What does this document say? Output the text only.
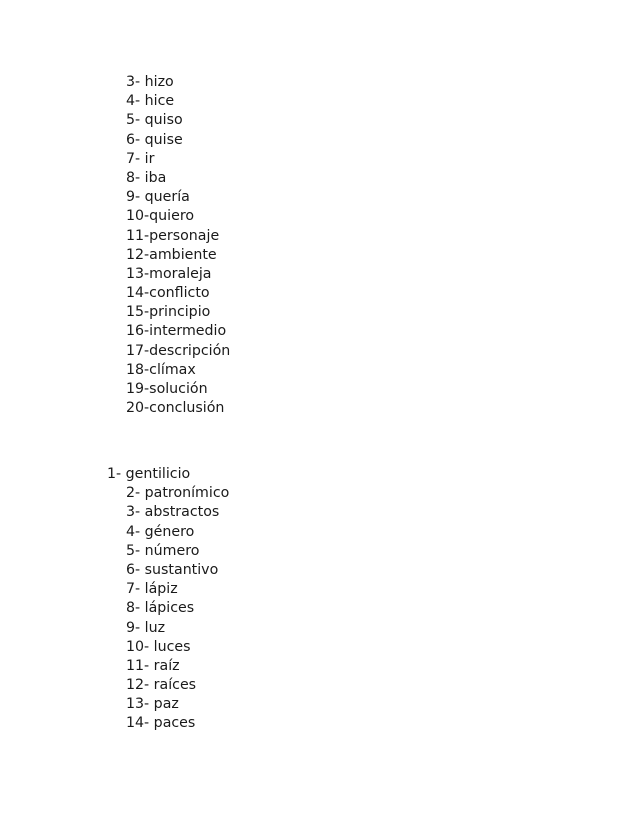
3- hizo
4- hice
5- quiso
6- quise
7- ir
8- iba
9- quería
10-quiero
11-personaje
12-ambiente
13-moraleja
14-conflicto
15-principio
16-intermedio
17-descripción
18-clímax
19-solución
20-conclusión
1- gentilicio
2- patronímico
3- abstractos
4- género
5- número
6- sustantivo
7- lápiz
8- lápices
9- luz
10- luces
11- raíz
12- raíces
13- paz
14- paces
